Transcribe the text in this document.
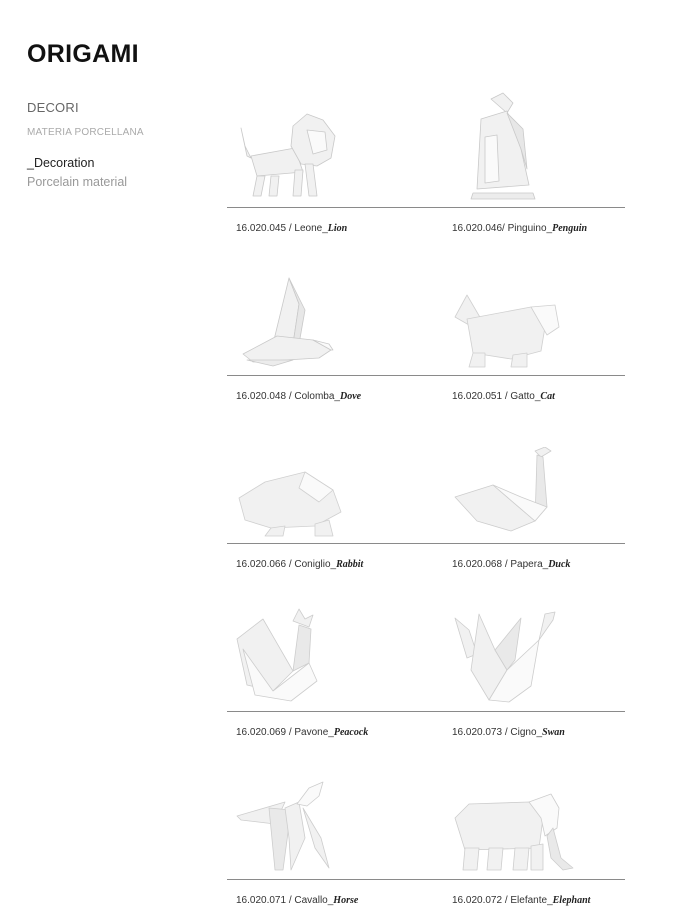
ORIGAMI
DECORI
MATERIA PORCELLANA
_Decoration
Porcelain material
16.020.045 / Leone_Lion	16.020.046/ Pinguino_Penguin
16.020.048 / Colomba_Dove	16.020.051 / Gatto_Cat
16.020.066 / Coniglio_Rabbit	16.020.068 / Papera_Duck
16.020.069 / Pavone_Peacock	16.020.073 / Cigno_Swan
16.020.071 / Cavallo_Horse	16.020.072 / Elefante_Elephant
